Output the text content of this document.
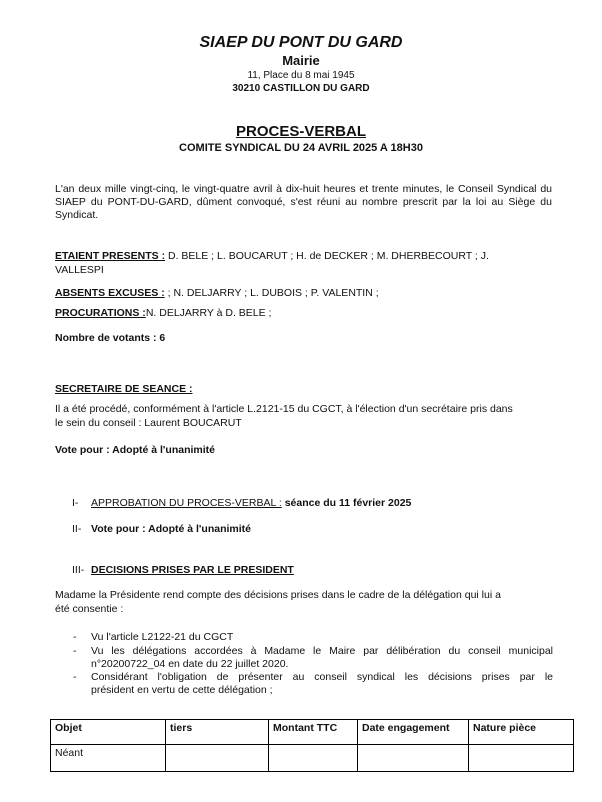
SIAEP DU PONT DU GARD
Mairie
11, Place du 8 mai 1945
30210 CASTILLON DU GARD
PROCES-VERBAL
COMITE SYNDICAL DU 24 AVRIL 2025 A 18H30
L'an deux mille vingt-cinq, le vingt-quatre avril à dix-huit heures et trente minutes, le Conseil Syndical du SIAEP du PONT-DU-GARD, dûment convoqué, s'est réuni au nombre prescrit par la loi au Siège du Syndicat.
ETAIENT PRESENTS : D. BELE ; L. BOUCARUT ; H. de DECKER ; M. DHERBECOURT ; J.
VALLESPI
ABSENTS EXCUSES : ; N. DELJARRY ; L. DUBOIS ; P. VALENTIN ;
PROCURATIONS :N. DELJARRY à D. BELE ;
Nombre de votants : 6
SECRETAIRE DE SEANCE :
Il a été procédé, conformément à l'article L.2121-15 du CGCT, à l'élection d'un secrétaire pris dans
le sein du conseil : Laurent BOUCARUT
Vote pour : Adopté à l'unanimité
I- APPROBATION DU PROCES-VERBAL : séance du 11 février 2025
II- Vote pour : Adopté à l'unanimité
III- DECISIONS PRISES PAR LE PRESIDENT
Madame la Présidente rend compte des décisions prises dans le cadre de la délégation qui lui a
été consentie :
- Vu l'article L2122-21 du CGCT
- Vu les délégations accordées à Madame le Maire par délibération du conseil municipal
n°20200722_04 en date du 22 juillet 2020.
- Considérant l'obligation de présenter au conseil syndical les décisions prises par le
président en vertu de cette délégation ;
Objet	tiers	Montant TTC	Date engagement	Nature pièce
Néant				
